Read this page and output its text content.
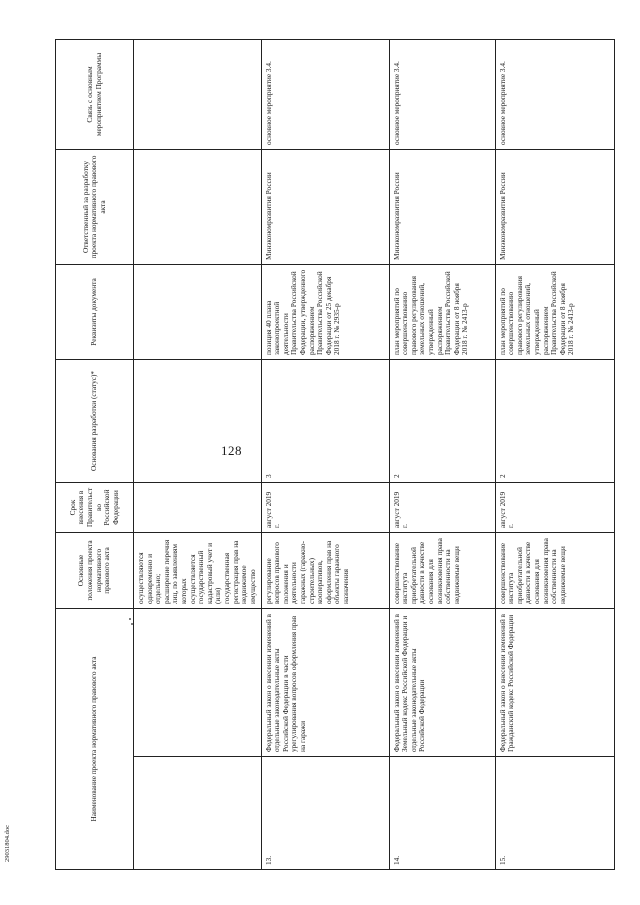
128
29031804.doc
Наименование проекта нормативного правового акта		Основные положения проекта нормативного правового акта	Срок внесения в Правительство Российской Федерации	Основания разработки (статус)*	Реквизиты документа	Ответственный за разработку проекта нормативного правового акта	Связь с основным мероприятием Программы
		осуществляются одновременно и отдельно; расширение перечня лиц, по заявлениям которых осуществляется государственный кадастровый учет и (или) государственная регистрация прав на недвижимое имущество					
13.	Федеральный закон о внесении изменений в отдельные законодательные акты Российской Федерации в части урегулирования вопросов оформления прав на гаражи	регулирование вопросов правового положения и деятельности гаражных (гаражно-строительных) кооперативов, оформления прав на объекты гаражного назначения	август 2019 г.	3	позиция 40 плана законопроектной деятельности Правительства Российской Федерации, утвержденного распоряжением Правительства Российской Федерации от 25 декабря 2018 г. № 2935-р	Минэкономразвития России	основное мероприятие 3.4.
14.	Федеральный закон о внесении изменений в Земельный кодекс Российской Федерации и отдельные законодательные акты Российской Федерации	совершенствование института приобретательной давности в качестве основания для возникновения права собственности на недвижимые вещи	август 2019 г.	2	план мероприятий по совершенствованию правового регулирования земельных отношений, утвержденный распоряжением Правительства Российской Федерации от 8 ноября 2018 г. № 2413-р	Минэкономразвития России	основное мероприятие 3.4.
15.	Федеральный закон о внесении изменений в Гражданский кодекс Российской Федерации	совершенствование института приобретательной давности в качестве основания для возникновения права собственности на недвижимые вещи	август 2019 г.	2	план мероприятий по совершенствованию правового регулирования земельных отношений, утвержденный распоряжением Правительства Российской Федерации от 8 ноября 2018 г. № 2413-р	Минэкономразвития России	основное мероприятие 3.4.
